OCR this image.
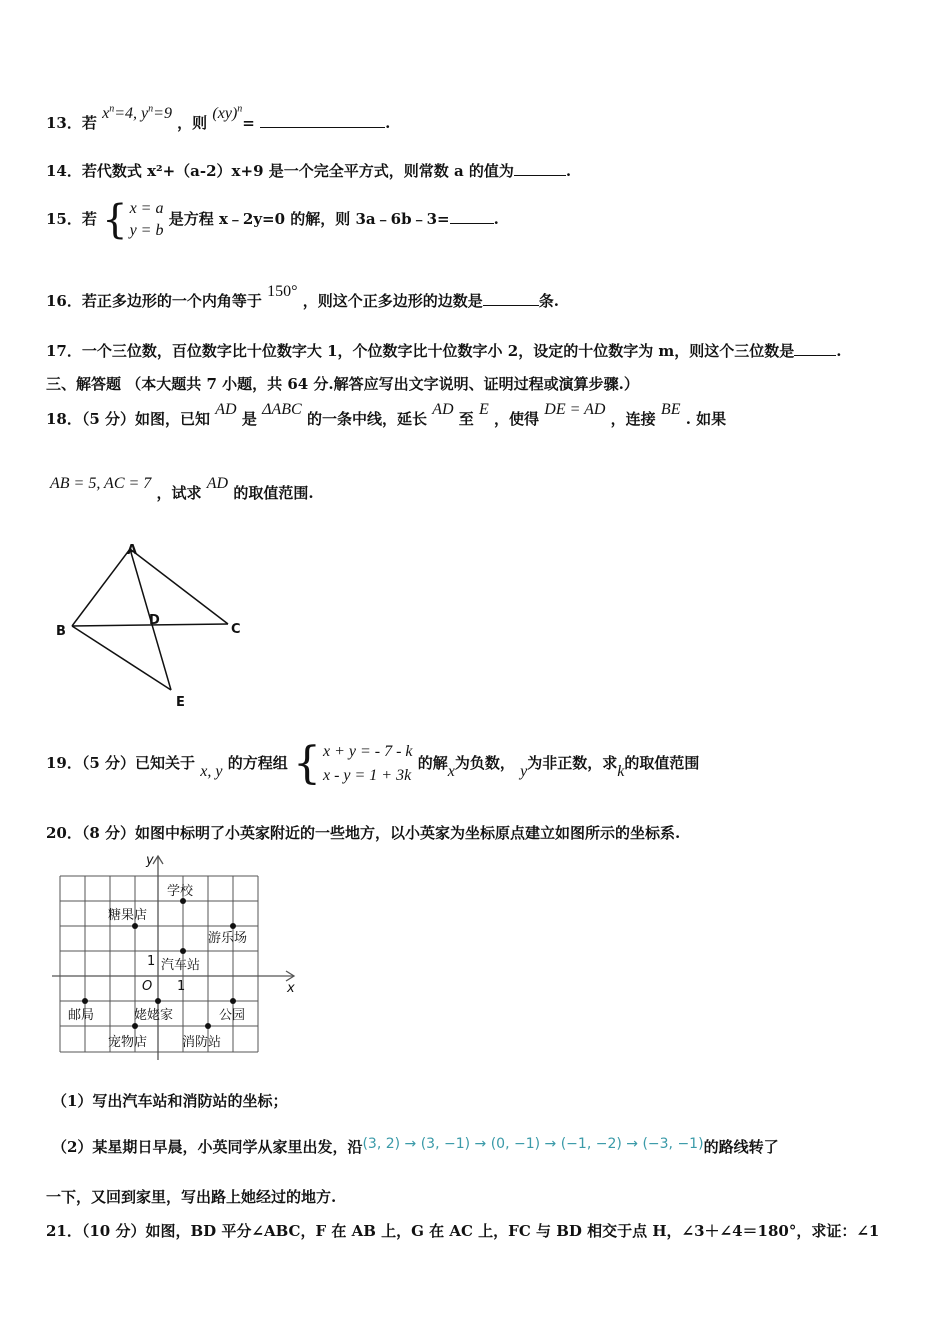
13．若 $x^n=4$, $y^n=9$ ，则 (xy)$^n$=	.
14．若代数式 x²+（a-2）x+9 是一个完全平方式，则常数 a 的值为	.
15．若 { x = a
y = b 是方程 x﹣2y=0 的解，则 3a﹣6b﹣3=	.
16．若正多边形的一个内角等于 150° ，则这个正多边形的边数是	条.
17．一个三位数，百位数字比十位数字大 1，个位数字比十位数字小 2，设定的十位数字为 m，则这个三位数是	.
三、解答题 （本大题共 7 小题，共 64 分.解答应写出文字说明、证明过程或演算步骤.）
18．（5 分）如图，已知 AD 是 ΔABC 的一条中线，延长 AD 至 E ，使得 DE = AD ，连接 BE . 如果
AB = 5, AC = 7 ，试求 AD 的取值范围.
A
B	C
D
E
19．（5 分）已知关于 x, y 的方程组 { x + y = - 7 - k
x - y = 1 + 3k 的解x为负数， y为非正数，求k的取值范围
20．（8 分）如图中标明了小英家附近的一些地方，以小英家为坐标原点建立如图所示的坐标系.
y
x
O 1
1
学校
糖果店
游乐场
汽车站
邮局	姥姥家	公园
宠物店	消防站
（1）写出汽车站和消防站的坐标；
（2）某星期日早晨，小英同学从家里出发，沿(3, 2) → (3, −1) → (0, −1) → (−1, −2) → (−3, −1)的路线转了
一下，又回到家里，写出路上她经过的地方.
21．（10 分）如图，BD 平分∠ABC，F 在 AB 上，G 在 AC 上，FC 与 BD 相交于点 H，∠3＋∠4＝180°，求证：∠1
